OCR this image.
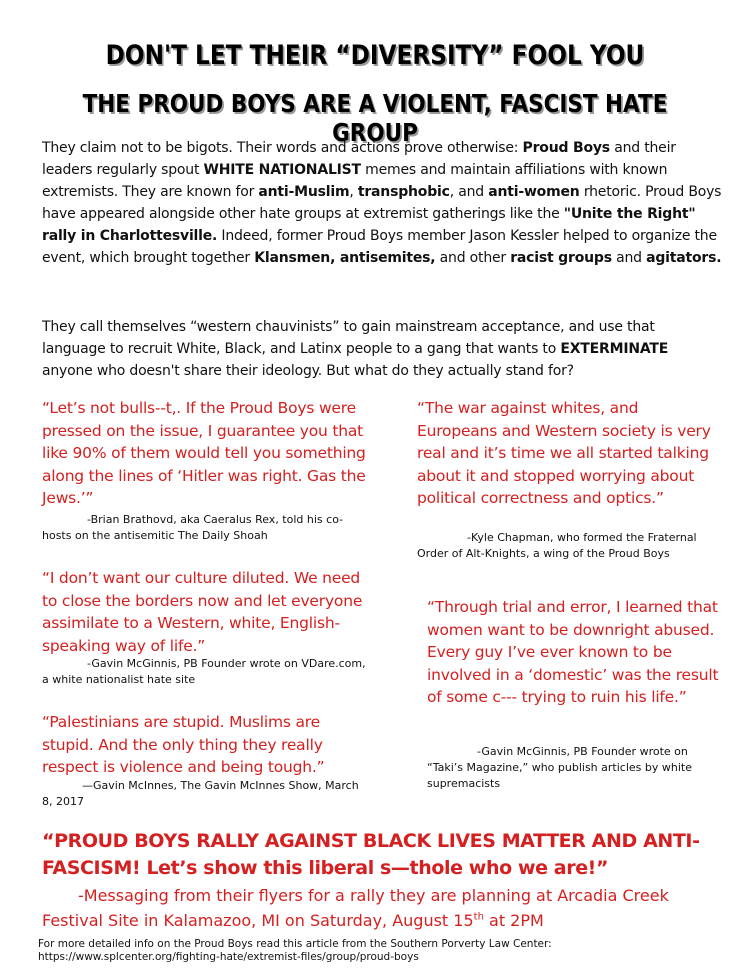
DON'T LET THEIR “DIVERSITY” FOOL YOU
THE PROUD BOYS ARE A VIOLENT, FASCIST HATE GROUP
They claim not to be bigots. Their words and actions prove otherwise: Proud Boys and their leaders regularly spout WHITE NATIONALIST memes and maintain affiliations with known extremists. They are known for anti-Muslim, transphobic, and anti-women rhetoric. Proud Boys have appeared alongside other hate groups at extremist gatherings like the "Unite the Right" rally in Charlottesville. Indeed, former Proud Boys member Jason Kessler helped to organize the event, which brought together Klansmen, antisemites, and other racist groups and agitators.
They call themselves “western chauvinists” to gain mainstream acceptance, and use that language to recruit White, Black, and Latinx people to a gang that wants to EXTERMINATE anyone who doesn't share their ideology. But what do they actually stand for?
“Let’s not bulls--t,. If the Proud Boys were pressed on the issue, I guarantee you that like 90% of them would tell you something along the lines of ‘Hitler was right. Gas the Jews.’”
-Brian Brathovd, aka Caeralus Rex, told his co-hosts on the antisemitic The Daily Shoah
“I don’t want our culture diluted. We need to close the borders now and let everyone assimilate to a Western, white, English-speaking way of life.”
-Gavin McGinnis, PB Founder wrote on VDare.com, a white nationalist hate site
“Palestinians are stupid. Muslims are stupid. And the only thing they really respect is violence and being tough.”
—Gavin McInnes, The Gavin McInnes Show, March 8, 2017
“The war against whites, and Europeans and Western society is very real and it’s time we all started talking about it and stopped worrying about political correctness and optics.”
-Kyle Chapman, who formed the Fraternal Order of Alt-Knights, a wing of the Proud Boys
“Through trial and error, I learned that women want to be downright abused. Every guy I’ve ever known to be involved in a ‘domestic’ was the result of some c--- trying to ruin his life.”
-Gavin McGinnis, PB Founder wrote on “Taki’s Magazine,” who publish articles by white supremacists
“PROUD BOYS RALLY AGAINST BLACK LIVES MATTER AND ANTI-FASCISM! Let’s show this liberal s—thole who we are!”
-Messaging from their flyers for a rally they are planning at Arcadia Creek Festival Site in Kalamazoo, MI on Saturday, August 15th at 2PM
For more detailed info on the Proud Boys read this article from the Southern Porverty Law Center:
https://www.splcenter.org/fighting-hate/extremist-files/group/proud-boys
